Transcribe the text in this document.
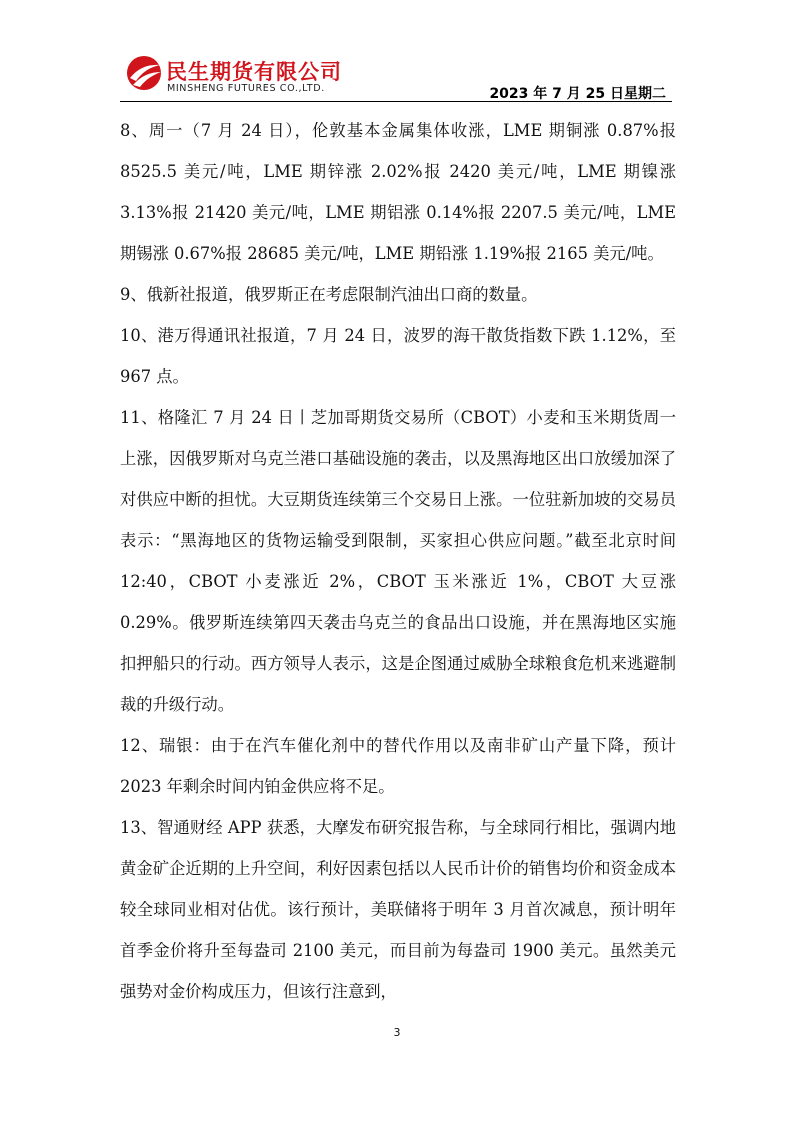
民生期货有限公司
MINSHENG FUTURES CO.,LTD.	2023 年 7 月 25 日星期二

8、周一（7 月 24 日），伦敦基本金属集体收涨，LME 期铜涨 0.87%报 8525.5 美元/吨，LME 期锌涨 2.02%报 2420 美元/吨，LME 期镍涨 3.13%报 21420 美元/吨，LME 期铝涨 0.14%报 2207.5 美元/吨，LME 期锡涨 0.67%报 28685 美元/吨，LME 期铅涨 1.19%报 2165 美元/吨。

9、俄新社报道，俄罗斯正在考虑限制汽油出口商的数量。

10、港万得通讯社报道，7 月 24 日，波罗的海干散货指数下跌 1.12%，至 967 点。

11、格隆汇 7 月 24 日丨芝加哥期货交易所（CBOT）小麦和玉米期货周一上涨，因俄罗斯对乌克兰港口基础设施的袭击，以及黑海地区出口放缓加深了对供应中断的担忧。大豆期货连续第三个交易日上涨。一位驻新加坡的交易员表示：“黑海地区的货物运输受到限制，买家担心供应问题。”截至北京时间 12:40，CBOT 小麦涨近 2%，CBOT 玉米涨近 1%，CBOT 大豆涨 0.29%。俄罗斯连续第四天袭击乌克兰的食品出口设施，并在黑海地区实施扣押船只的行动。西方领导人表示，这是企图通过威胁全球粮食危机来逃避制裁的升级行动。

12、瑞银：由于在汽车催化剂中的替代作用以及南非矿山产量下降，预计 2023 年剩余时间内铂金供应将不足。

13、智通财经 APP 获悉，大摩发布研究报告称，与全球同行相比，强调内地黄金矿企近期的上升空间，利好因素包括以人民币计价的销售均价和资金成本较全球同业相对佔优。该行预计，美联储将于明年 3 月首次减息，预计明年首季金价将升至每盎司 2100 美元，而目前为每盎司 1900 美元。虽然美元强势对金价构成压力，但该行注意到，

3
